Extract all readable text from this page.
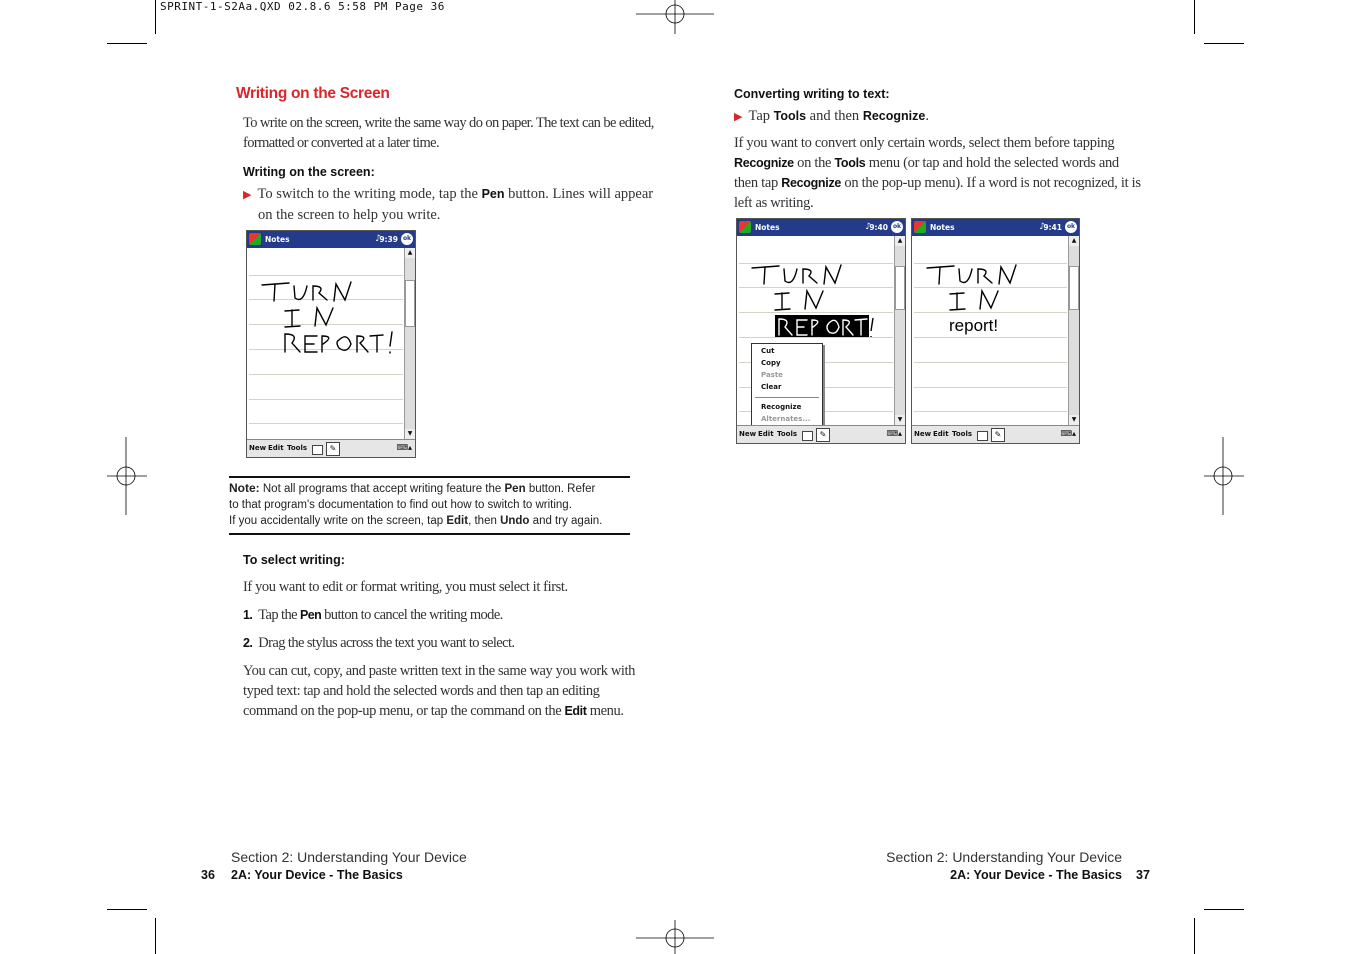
SPRINT-1-S2Aa.QXD 02.8.6 5:58 PM Page 36
Writing on the Screen
To write on the screen, write the same way do on paper. The text can be edited,
formatted or converted at a later time.
Writing on the screen:
▶ To switch to the writing mode, tap the Pen button. Lines will appear
on the screen to help you write.
Notes	♪
9:39 ok
▲
▼
New Edit Tools	✎	⌨▴
Note: Not all programs that accept writing feature the Pen button. Refer
to that program's documentation to find out how to switch to writing.
If you accidentally write on the screen, tap Edit, then Undo and try again.
To select writing:
If you want to edit or format writing, you must select it first.
1. Tap the Pen button to cancel the writing mode.
2. Drag the stylus across the text you want to select.
You can cut, copy, and paste written text in the same way you work with
typed text: tap and hold the selected words and then tap an editing
command on the pop-up menu, or tap the command on the Edit menu.
Section 2: Understanding Your Device
36 2A: Your Device - The Basics
Converting writing to text:
▶ Tap Tools and then Recognize.
If you want to convert only certain words, select them before tapping
Recognize on the Tools menu (or tap and hold the selected words and
then tap Recognize on the pop-up menu). If a word is not recognized, it is
left as writing.
Notes	♪
9:40 ok
Cut
Copy
Paste
Clear
Recognize
Alternates...
▲
▼
New Edit Tools	✎	⌨▴
Notes	♪
9:41 ok
report!
▲
▼
New Edit Tools	✎	⌨▴
Section 2: Understanding Your Device
2A: Your Device - The Basics 37
